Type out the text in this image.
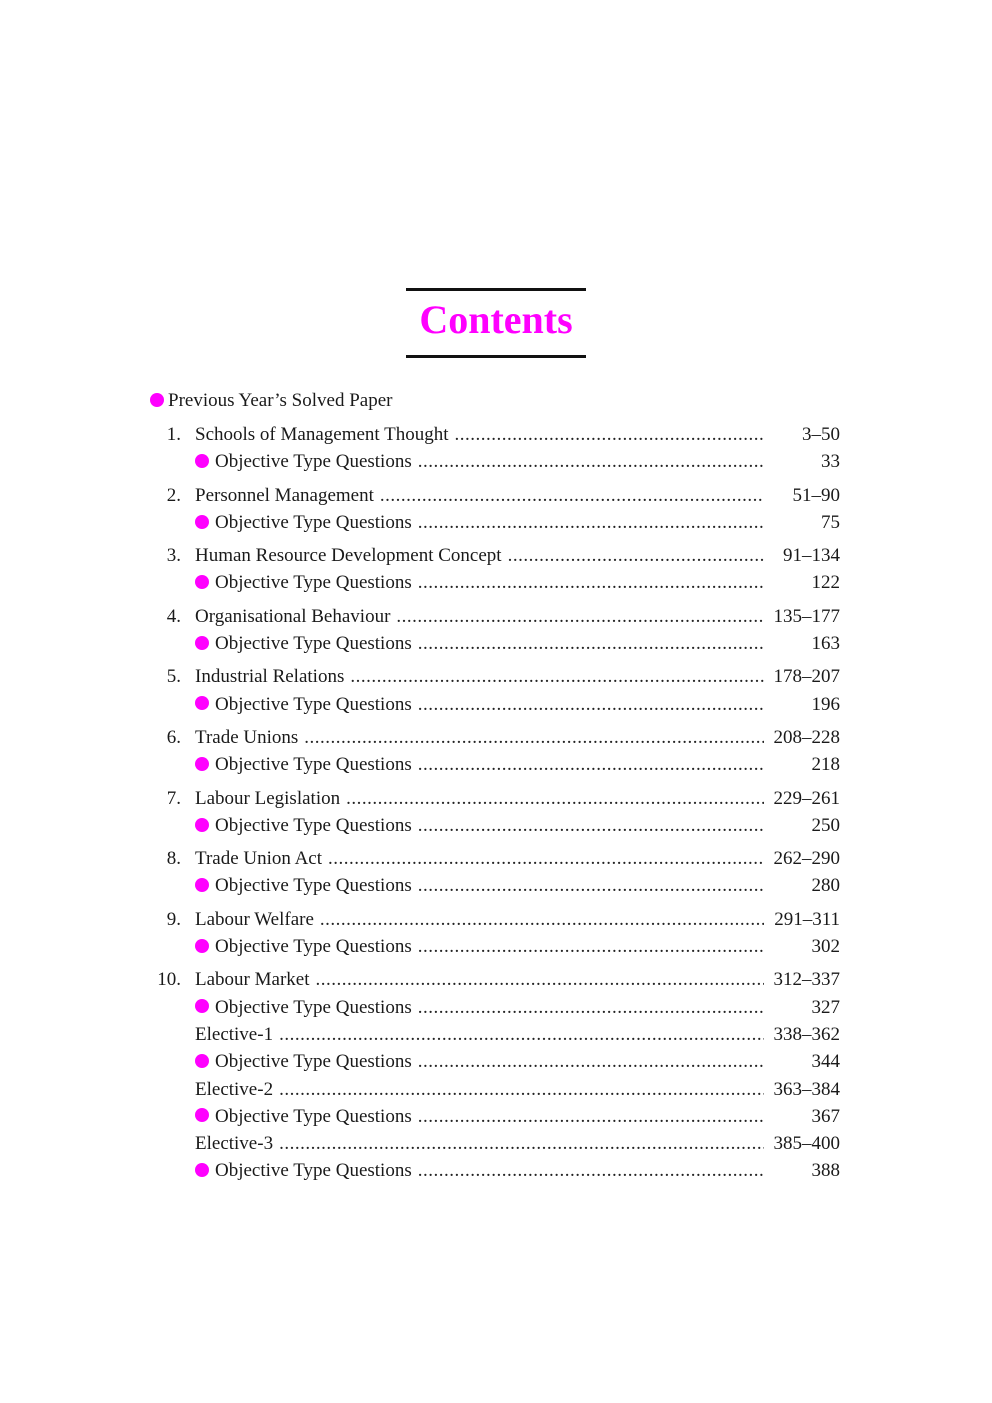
Contents
Previous Year’s Solved Paper
1. Schools of Management Thought .....	3–50
Objective Type Questions .....	33
2. Personnel Management .....	51–90
Objective Type Questions .....	75
3. Human Resource Development Concept .....	91–134
Objective Type Questions .....	122
4. Organisational Behaviour .....	135–177
Objective Type Questions .....	163
5. Industrial Relations .....	178–207
Objective Type Questions .....	196
6. Trade Unions .....	208–228
Objective Type Questions .....	218
7. Labour Legislation .....	229–261
Objective Type Questions .....	250
8. Trade Union Act .....	262–290
Objective Type Questions .....	280
9. Labour Welfare .....	291–311
Objective Type Questions .....	302
10. Labour Market .....	312–337
Objective Type Questions .....	327
Elective-1 .....	338–362
Objective Type Questions .....	344
Elective-2 .....	363–384
Objective Type Questions .....	367
Elective-3 .....	385–400
Objective Type Questions .....	388
